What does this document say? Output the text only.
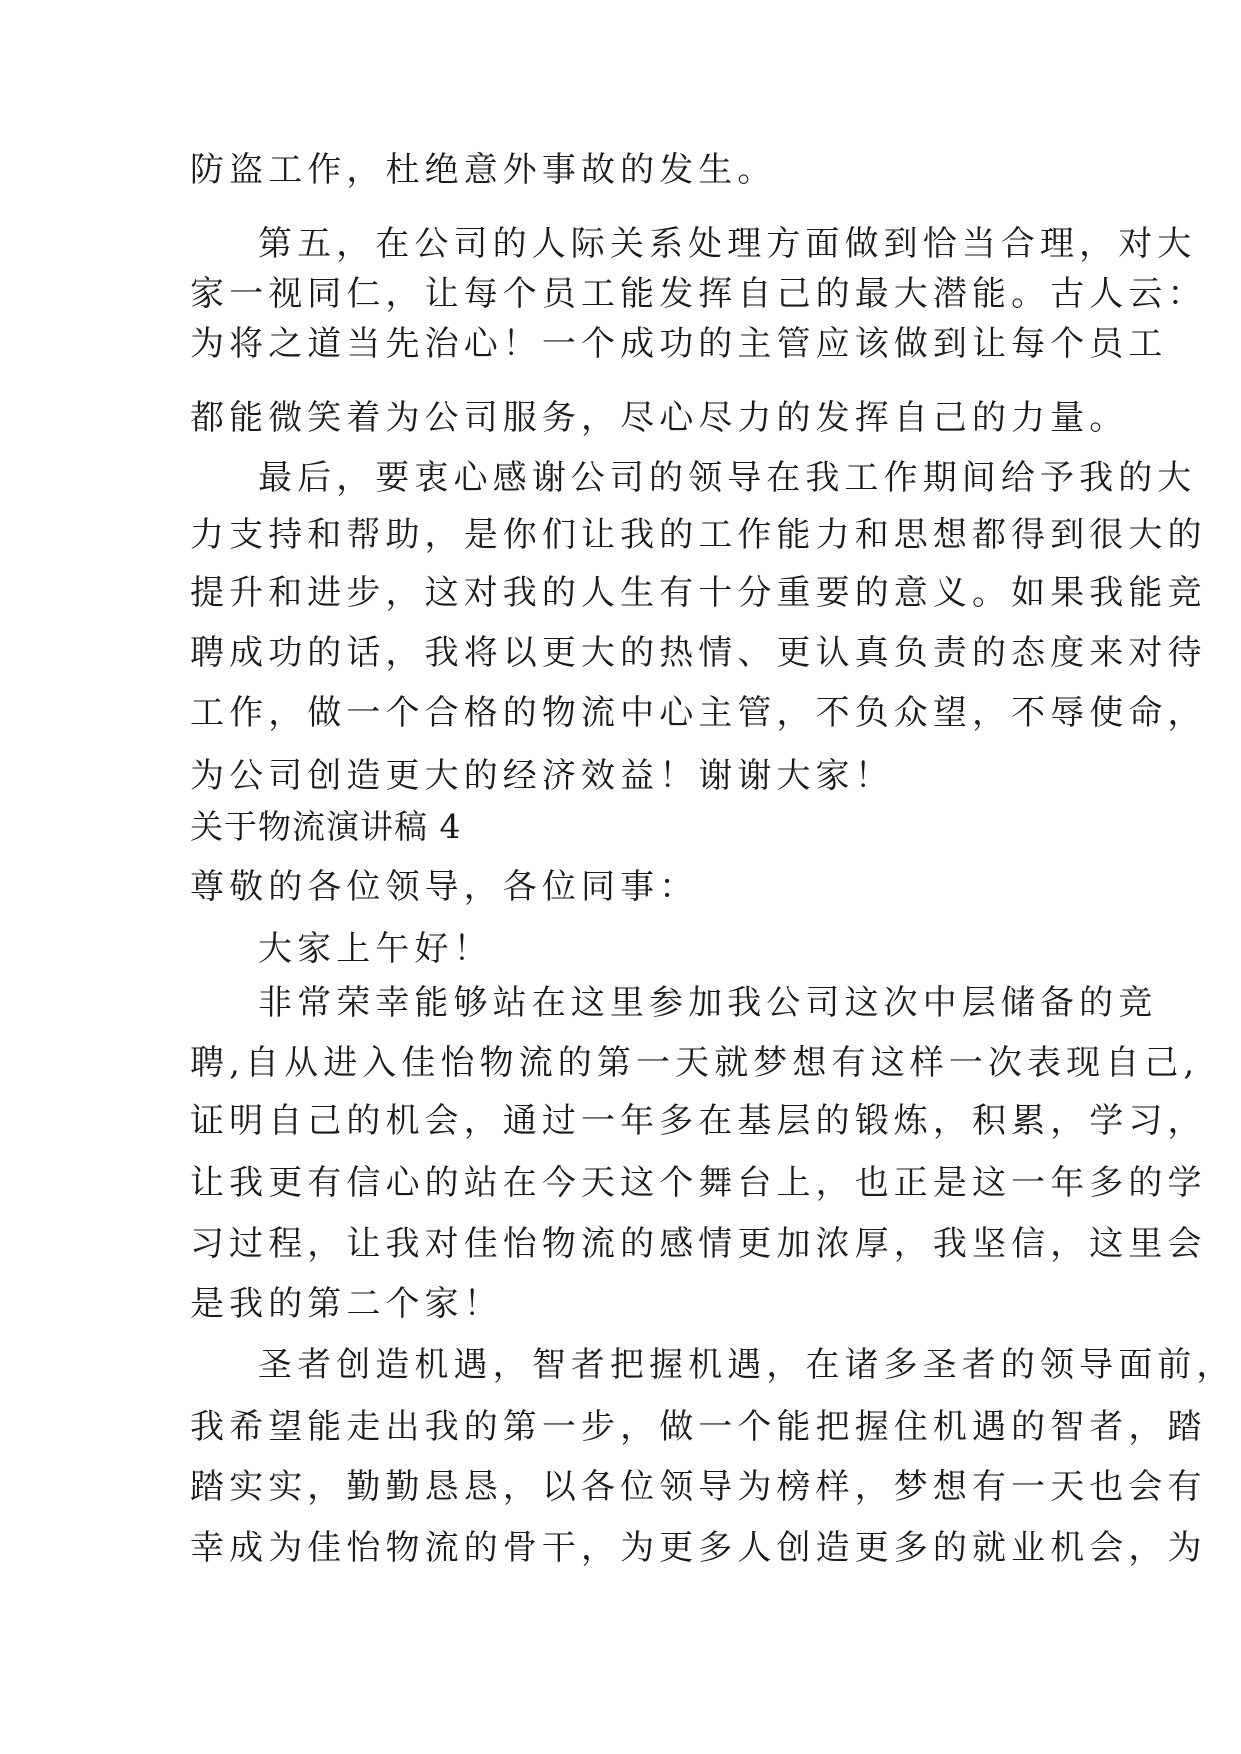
防盗工作，杜绝意外事故的发生。
第五，在公司的人际关系处理方面做到恰当合理，对大
家一视同仁，让每个员工能发挥自己的最大潜能。古人云：
为将之道当先治心！一个成功的主管应该做到让每个员工
都能微笑着为公司服务，尽心尽力的发挥自己的力量。
最后，要衷心感谢公司的领导在我工作期间给予我的大
力支持和帮助，是你们让我的工作能力和思想都得到很大的
提升和进步，这对我的人生有十分重要的意义。如果我能竞
聘成功的话，我将以更大的热情、更认真负责的态度来对待
工作，做一个合格的物流中心主管，不负众望，不辱使命，
为公司创造更大的经济效益！谢谢大家！
关于物流演讲稿 4
尊敬的各位领导，各位同事：
大家上午好！
非常荣幸能够站在这里参加我公司这次中层储备的竞
聘,自从进入佳怡物流的第一天就梦想有这样一次表现自己,
证明自己的机会，通过一年多在基层的锻炼，积累，学习，
让我更有信心的站在今天这个舞台上，也正是这一年多的学
习过程，让我对佳怡物流的感情更加浓厚，我坚信，这里会
是我的第二个家！
圣者创造机遇，智者把握机遇，在诸多圣者的领导面前，
我希望能走出我的第一步，做一个能把握住机遇的智者，踏
踏实实，勤勤恳恳，以各位领导为榜样，梦想有一天也会有
幸成为佳怡物流的骨干，为更多人创造更多的就业机会，为
